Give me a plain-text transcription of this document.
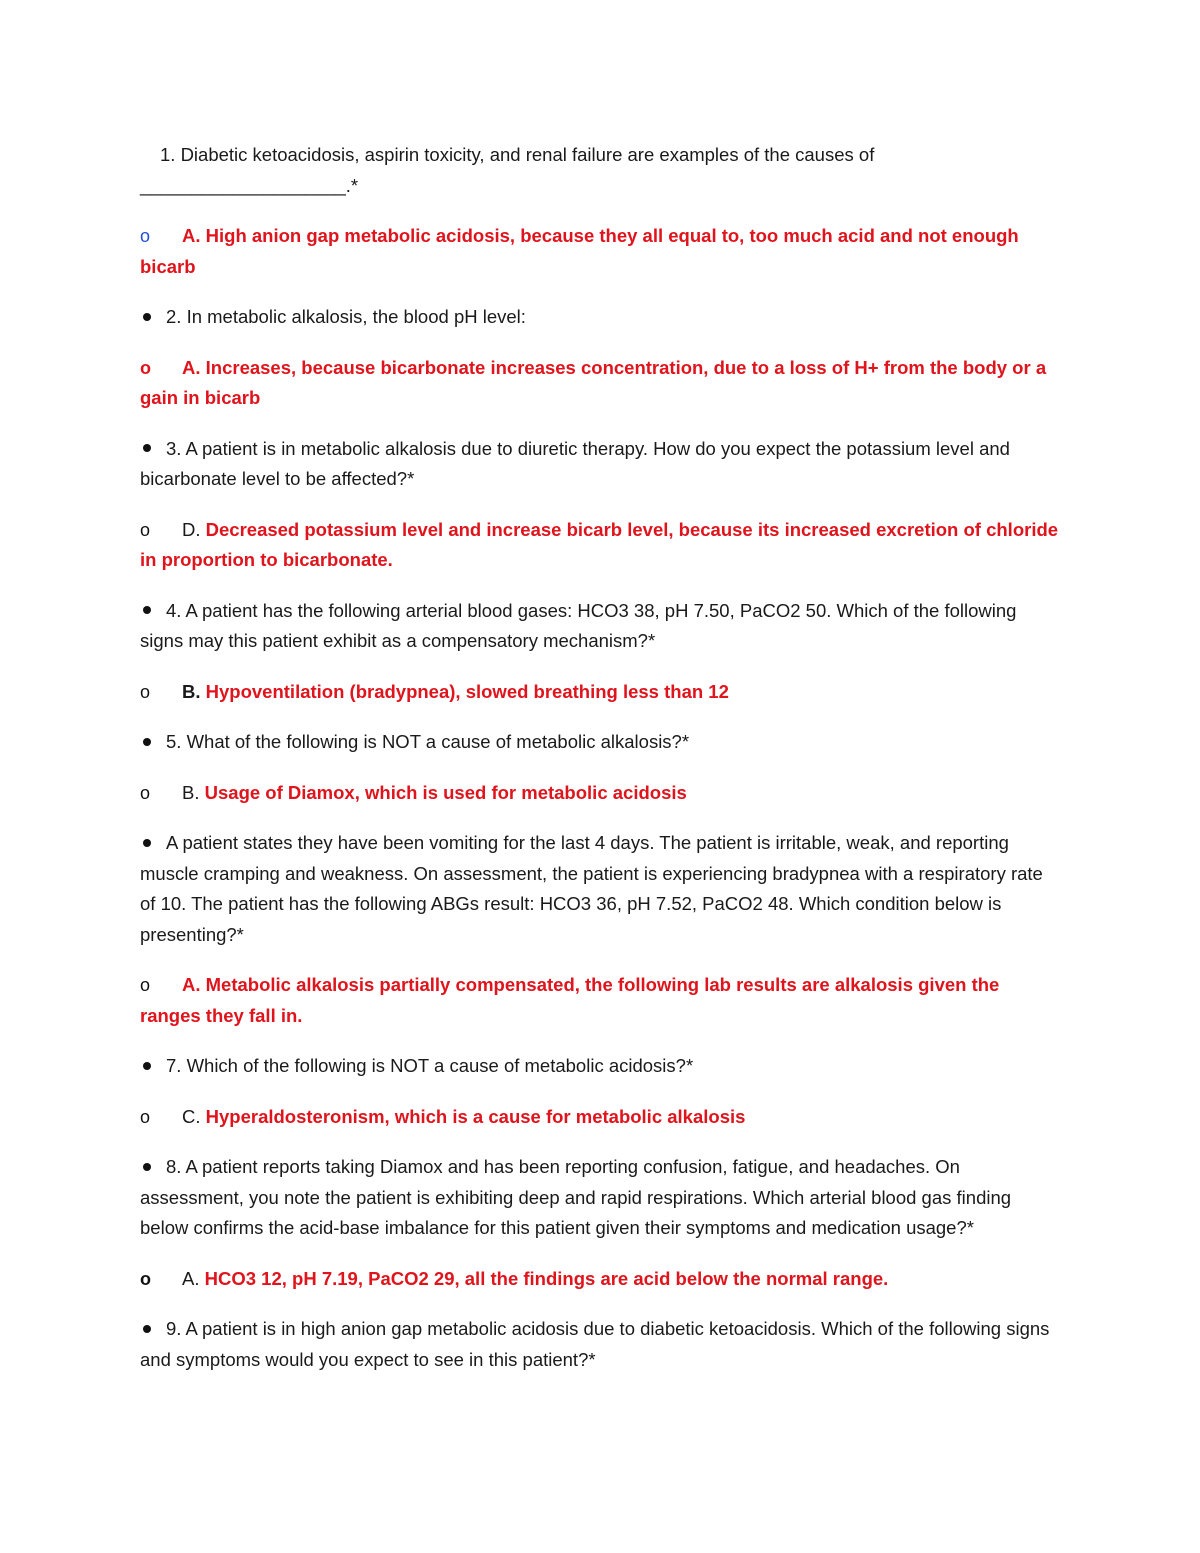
1. Diabetic ketoacidosis, aspirin toxicity, and renal failure are examples of the causes of
____________________.*

o A. High anion gap metabolic acidosis, because they all equal to, too much acid and not enough bicarb

2. In metabolic alkalosis, the blood pH level:

o A. Increases, because bicarbonate increases concentration, due to a loss of H+ from the body or a gain in bicarb

3. A patient is in metabolic alkalosis due to diuretic therapy. How do you expect the potassium level and bicarbonate level to be affected?*

o D. Decreased potassium level and increase bicarb level, because its increased excretion of chloride in proportion to bicarbonate.

4. A patient has the following arterial blood gases: HCO3 38, pH 7.50, PaCO2 50. Which of the following signs may this patient exhibit as a compensatory mechanism?*

o B. Hypoventilation (bradypnea), slowed breathing less than 12

5. What of the following is NOT a cause of metabolic alkalosis?*

o B. Usage of Diamox, which is used for metabolic acidosis

A patient states they have been vomiting for the last 4 days. The patient is irritable, weak, and reporting muscle cramping and weakness. On assessment, the patient is experiencing bradypnea with a respiratory rate of 10. The patient has the following ABGs result: HCO3 36, pH 7.52, PaCO2 48. Which condition below is presenting?*

o A. Metabolic alkalosis partially compensated, the following lab results are alkalosis given the ranges they fall in.

7. Which of the following is NOT a cause of metabolic acidosis?*

o C. Hyperaldosteronism, which is a cause for metabolic alkalosis

8. A patient reports taking Diamox and has been reporting confusion, fatigue, and headaches. On assessment, you note the patient is exhibiting deep and rapid respirations. Which arterial blood gas finding below confirms the acid-base imbalance for this patient given their symptoms and medication usage?*

o A. HCO3 12, pH 7.19, PaCO2 29, all the findings are acid below the normal range.

9. A patient is in high anion gap metabolic acidosis due to diabetic ketoacidosis. Which of the following signs and symptoms would you expect to see in this patient?*
